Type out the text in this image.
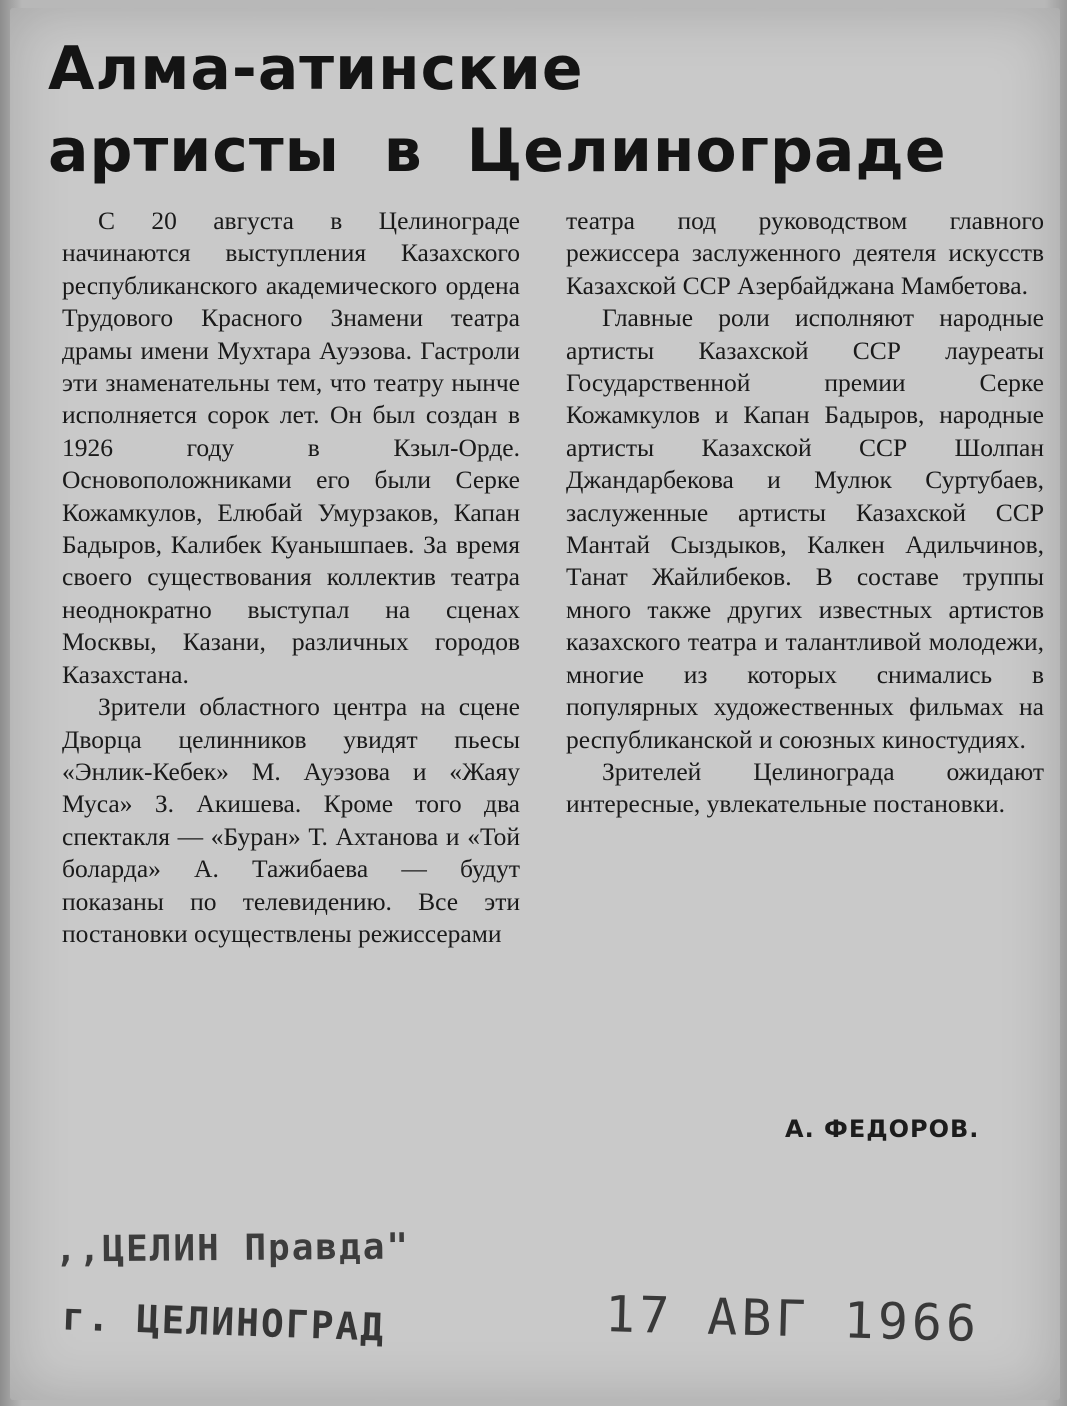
Алма-атинские
артисты в Целинограде

С 20 августа в Целинограде начинаются выступления Казахского республиканского академического ордена Трудового Красного Знамени театра драмы имени Мухтара Ауэзова. Гастроли эти знаменательны тем, что театру нынче исполняется сорок лет. Он был создан в 1926 году в Кзыл-Орде. Основоположниками его были Серке Кожамкулов, Елюбай Умурзаков, Капан Бадыров, Калибек Куанышпаев. За время своего существования коллектив театра неоднократно выступал на сценах Москвы, Казани, различных городов Казахстана.

Зрители областного центра на сцене Дворца целинников увидят пьесы «Энлик-Кебек» М. Ауэзова и «Жаяу Муса» З. Акишева. Кроме того два спектакля — «Буран» Т. Ахтанова и «Той боларда» А. Тажибаева — будут показаны по телевидению. Все эти постановки осуществлены режиссерами

театра под руководством главного режиссера заслуженного деятеля искусств Казахской ССР Азербайджана Мамбетова.

Главные роли исполняют народные артисты Казахской ССР лауреаты Государственной премии Серке Кожамкулов и Капан Бадыров, народные артисты Казахской ССР Шолпан Джандарбекова и Мулюк Суртубаев, заслуженные артисты Казахской ССР Мантай Сыздыков, Калкен Адильчинов, Танат Жайлибеков. В составе труппы много также других известных артистов казахского театра и талантливой молодежи, многие из которых снимались в популярных художественных фильмах на республиканской и союзных киностудиях.

Зрителей Целинограда ожидают интересные, увлекательные постановки.

А. ФЕДОРОВ.
,,ЦЕЛИН Правда"
г. ЦЕЛИНОГРАД	17 АВГ 1966
